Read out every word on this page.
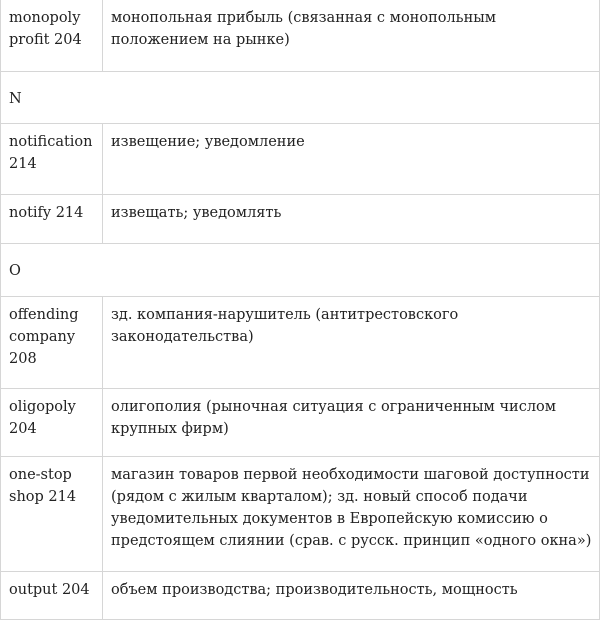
monopoly profit 204	монопольная прибыль (связанная с монопольным положением на рынке)
N	
notification 214	извещение; уведомление
notify 214	извещать; уведомлять
O	
offending company 208	зд. компания-нарушитель (антитрестовского законодательства)
oligopoly 204	олигополия (рыночная ситуация с ограниченным числом крупных фирм)
one-stop shop 214	магазин товаров первой необходимости шаговой доступности (рядом с жилым кварталом); зд. новый способ подачи уведомительных документов в Европейскую комиссию о предстоящем слиянии (срав. с русск. принцип «одного окна»)
output 204	объем производства; производительность, мощность
